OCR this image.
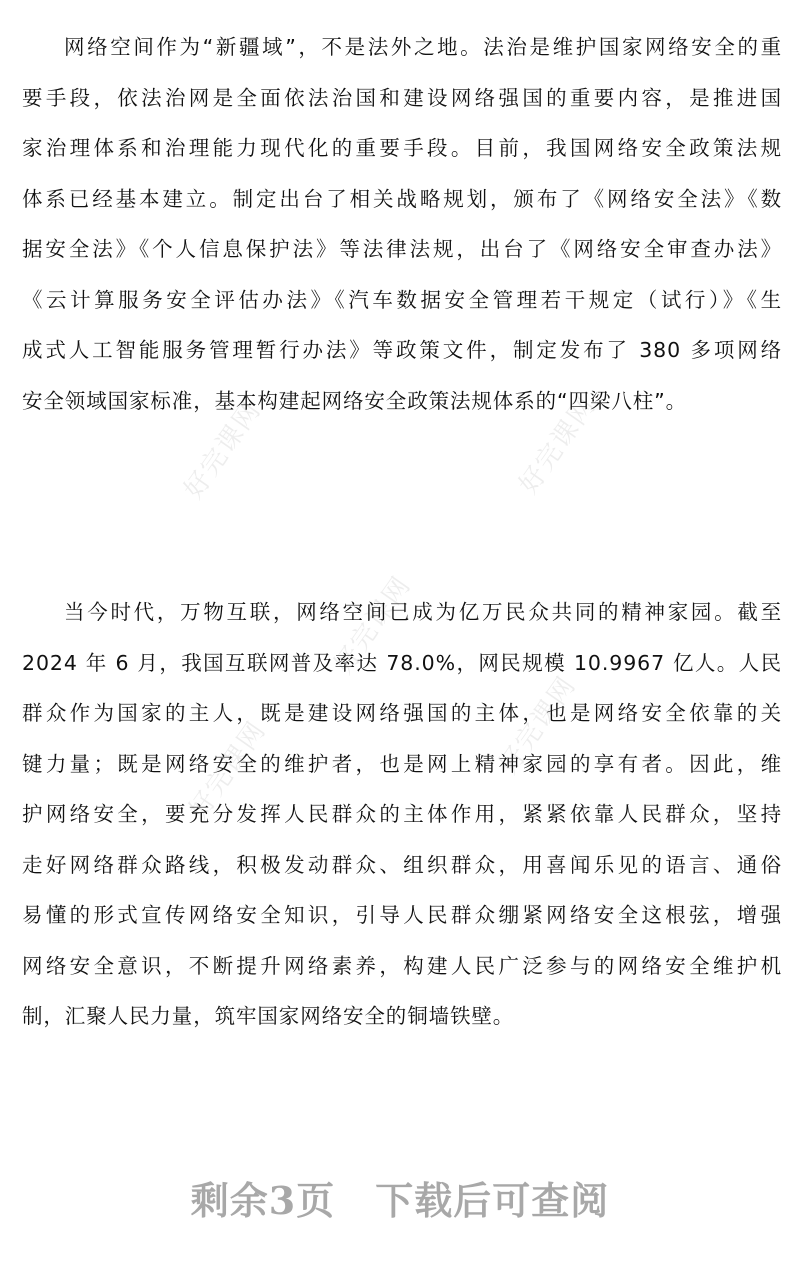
好完课网	好完课网
好完课网
好完课网	好完课网
网络空间作为“新疆域”，不是法外之地。法治是维护国家网络安全的重
要手段，依法治网是全面依法治国和建设网络强国的重要内容，是推进国
家治理体系和治理能力现代化的重要手段。目前，我国网络安全政策法规
体系已经基本建立。制定出台了相关战略规划，颁布了《网络安全法》《数
据安全法》《个人信息保护法》等法律法规，出台了《网络安全审查办法》
《云计算服务安全评估办法》《汽车数据安全管理若干规定（试行）》《生
成式人工智能服务管理暂行办法》等政策文件，制定发布了 380 多项网络
安全领域国家标准，基本构建起网络安全政策法规体系的“四梁八柱”。
当今时代，万物互联，网络空间已成为亿万民众共同的精神家园。截至
2024 年 6 月，我国互联网普及率达 78.0%，网民规模 10.9967 亿人。人民
群众作为国家的主人，既是建设网络强国的主体，也是网络安全依靠的关
键力量；既是网络安全的维护者，也是网上精神家园的享有者。因此，维
护网络安全，要充分发挥人民群众的主体作用，紧紧依靠人民群众，坚持
走好网络群众路线，积极发动群众、组织群众，用喜闻乐见的语言、通俗
易懂的形式宣传网络安全知识，引导人民群众绷紧网络安全这根弦，增强
网络安全意识，不断提升网络素养，构建人民广泛参与的网络安全维护机
制，汇聚人民力量，筑牢国家网络安全的铜墙铁壁。
剩余3页 下载后可查阅
